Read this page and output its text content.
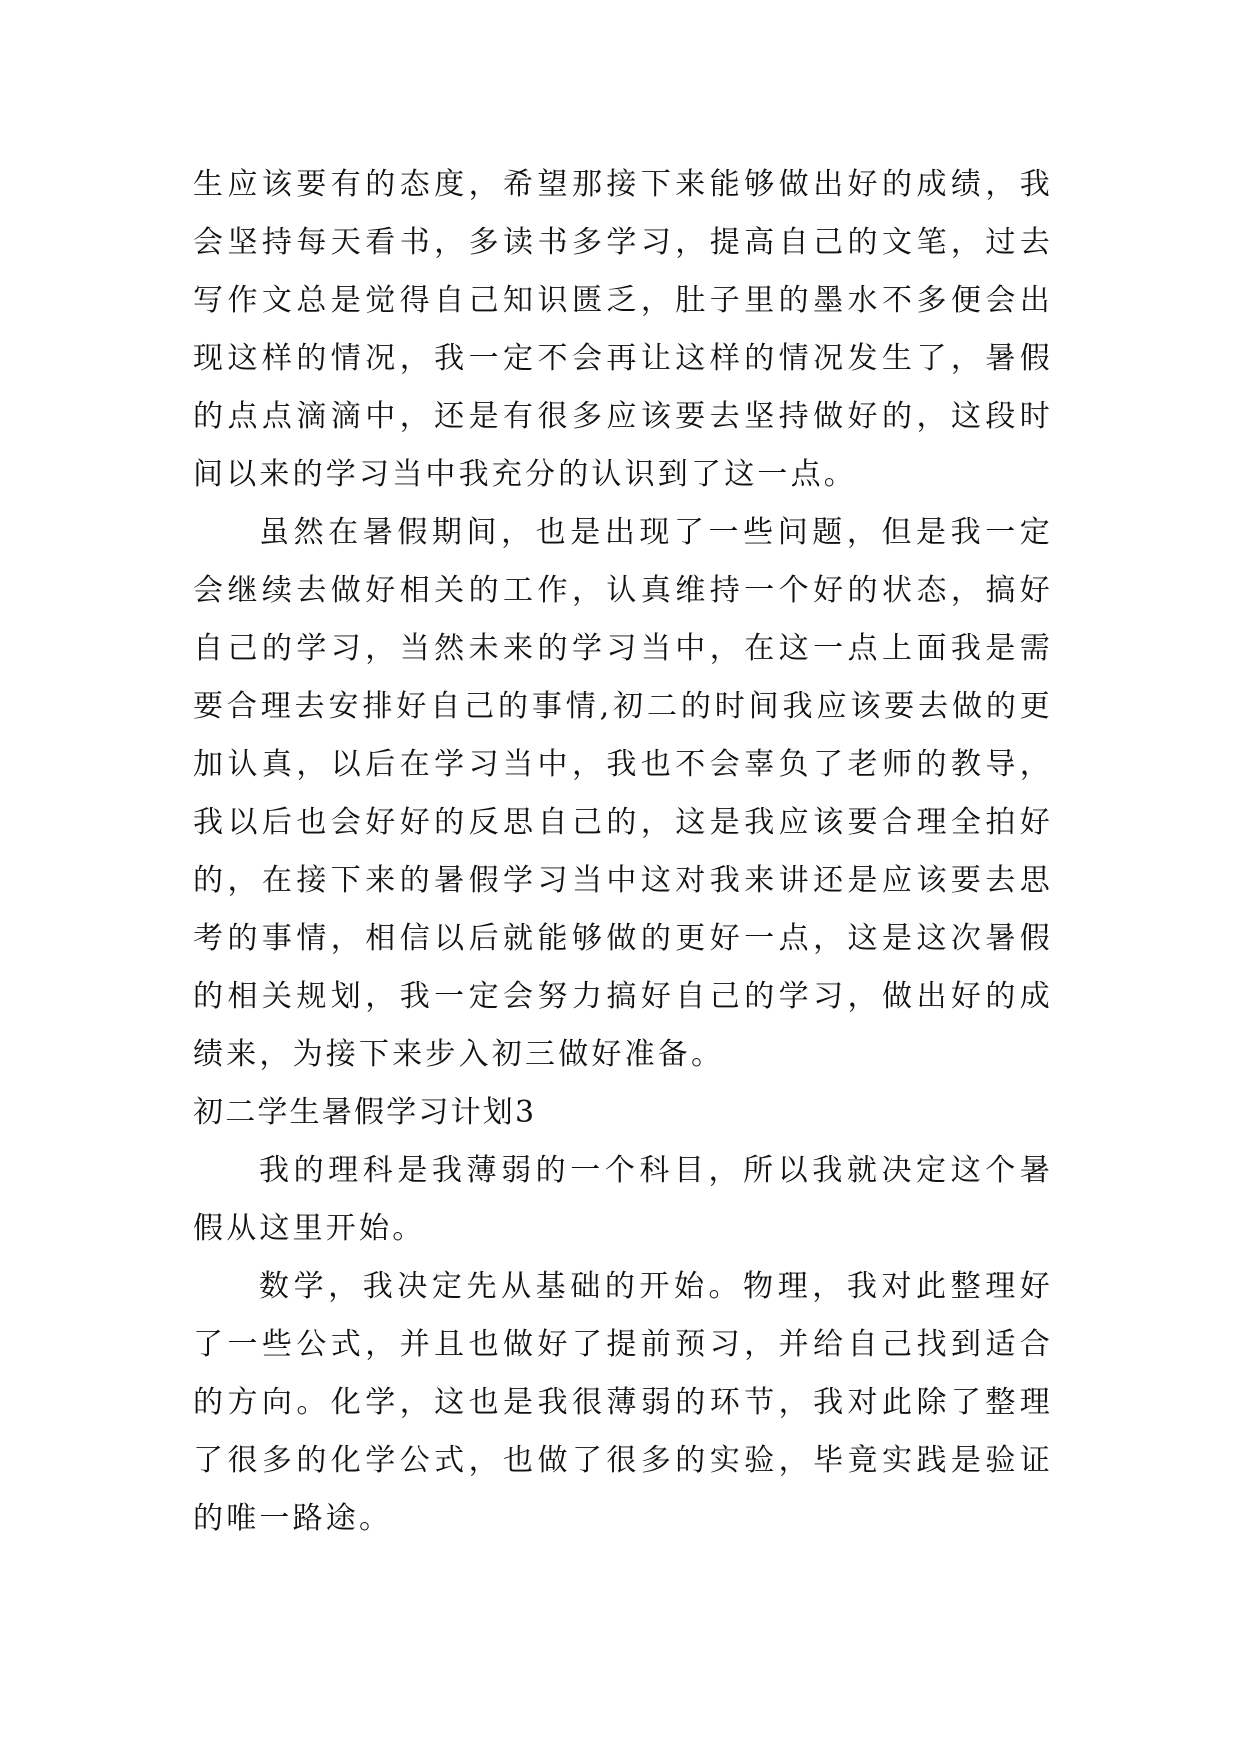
生应该要有的态度，希望那接下来能够做出好的成绩，我会坚持每天看书，多读书多学习，提高自己的文笔，过去写作文总是觉得自己知识匮乏，肚子里的墨水不多便会出现这样的情况，我一定不会再让这样的情况发生了，暑假的点点滴滴中，还是有很多应该要去坚持做好的，这段时间以来的学习当中我充分的认识到了这一点。

虽然在暑假期间，也是出现了一些问题，但是我一定会继续去做好相关的工作，认真维持一个好的状态，搞好自己的学习，当然未来的学习当中，在这一点上面我是需要合理去安排好自己的事情,初二的时间我应该要去做的更加认真，以后在学习当中，我也不会辜负了老师的教导，我以后也会好好的反思自己的，这是我应该要合理全拍好的，在接下来的暑假学习当中这对我来讲还是应该要去思考的事情，相信以后就能够做的更好一点，这是这次暑假的相关规划，我一定会努力搞好自己的学习，做出好的成绩来，为接下来步入初三做好准备。

初二学生暑假学习计划3

我的理科是我薄弱的一个科目，所以我就决定这个暑假从这里开始。

数学，我决定先从基础的开始。物理，我对此整理好了一些公式，并且也做好了提前预习，并给自己找到适合的方向。化学，这也是我很薄弱的环节，我对此除了整理了很多的化学公式，也做了很多的实验，毕竟实践是验证的唯一路途。
